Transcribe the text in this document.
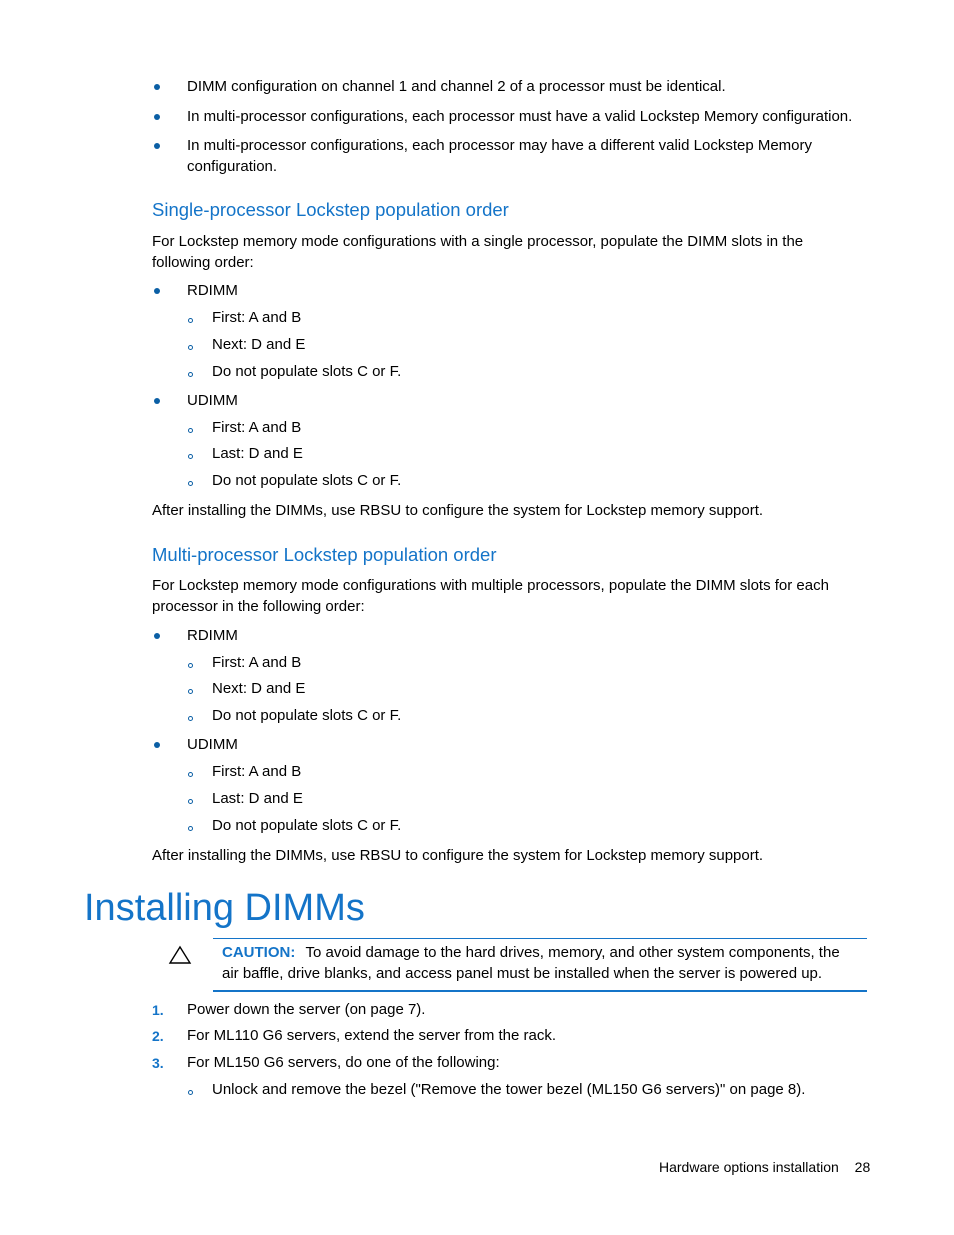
DIMM configuration on channel 1 and channel 2 of a processor must be identical.
In multi-processor configurations, each processor must have a valid Lockstep Memory configuration.
In multi-processor configurations, each processor may have a different valid Lockstep Memory
configuration.
Single-processor Lockstep population order
For Lockstep memory mode configurations with a single processor, populate the DIMM slots in the
following order:
RDIMM
First: A and B
Next: D and E
Do not populate slots C or F.
UDIMM
First: A and B
Last: D and E
Do not populate slots C or F.
After installing the DIMMs, use RBSU to configure the system for Lockstep memory support.
Multi-processor Lockstep population order
For Lockstep memory mode configurations with multiple processors, populate the DIMM slots for each
processor in the following order:
RDIMM
First: A and B
Next: D and E
Do not populate slots C or F.
UDIMM
First: A and B
Last: D and E
Do not populate slots C or F.
After installing the DIMMs, use RBSU to configure the system for Lockstep memory support.
Installing DIMMs
CAUTION: To avoid damage to the hard drives, memory, and other system components, the
air baffle, drive blanks, and access panel must be installed when the server is powered up.
1. Power down the server (on page 7).
2. For ML110 G6 servers, extend the server from the rack.
3. For ML150 G6 servers, do one of the following:
Unlock and remove the bezel ("Remove the tower bezel (ML150 G6 servers)" on page 8).
Hardware options installation 28
